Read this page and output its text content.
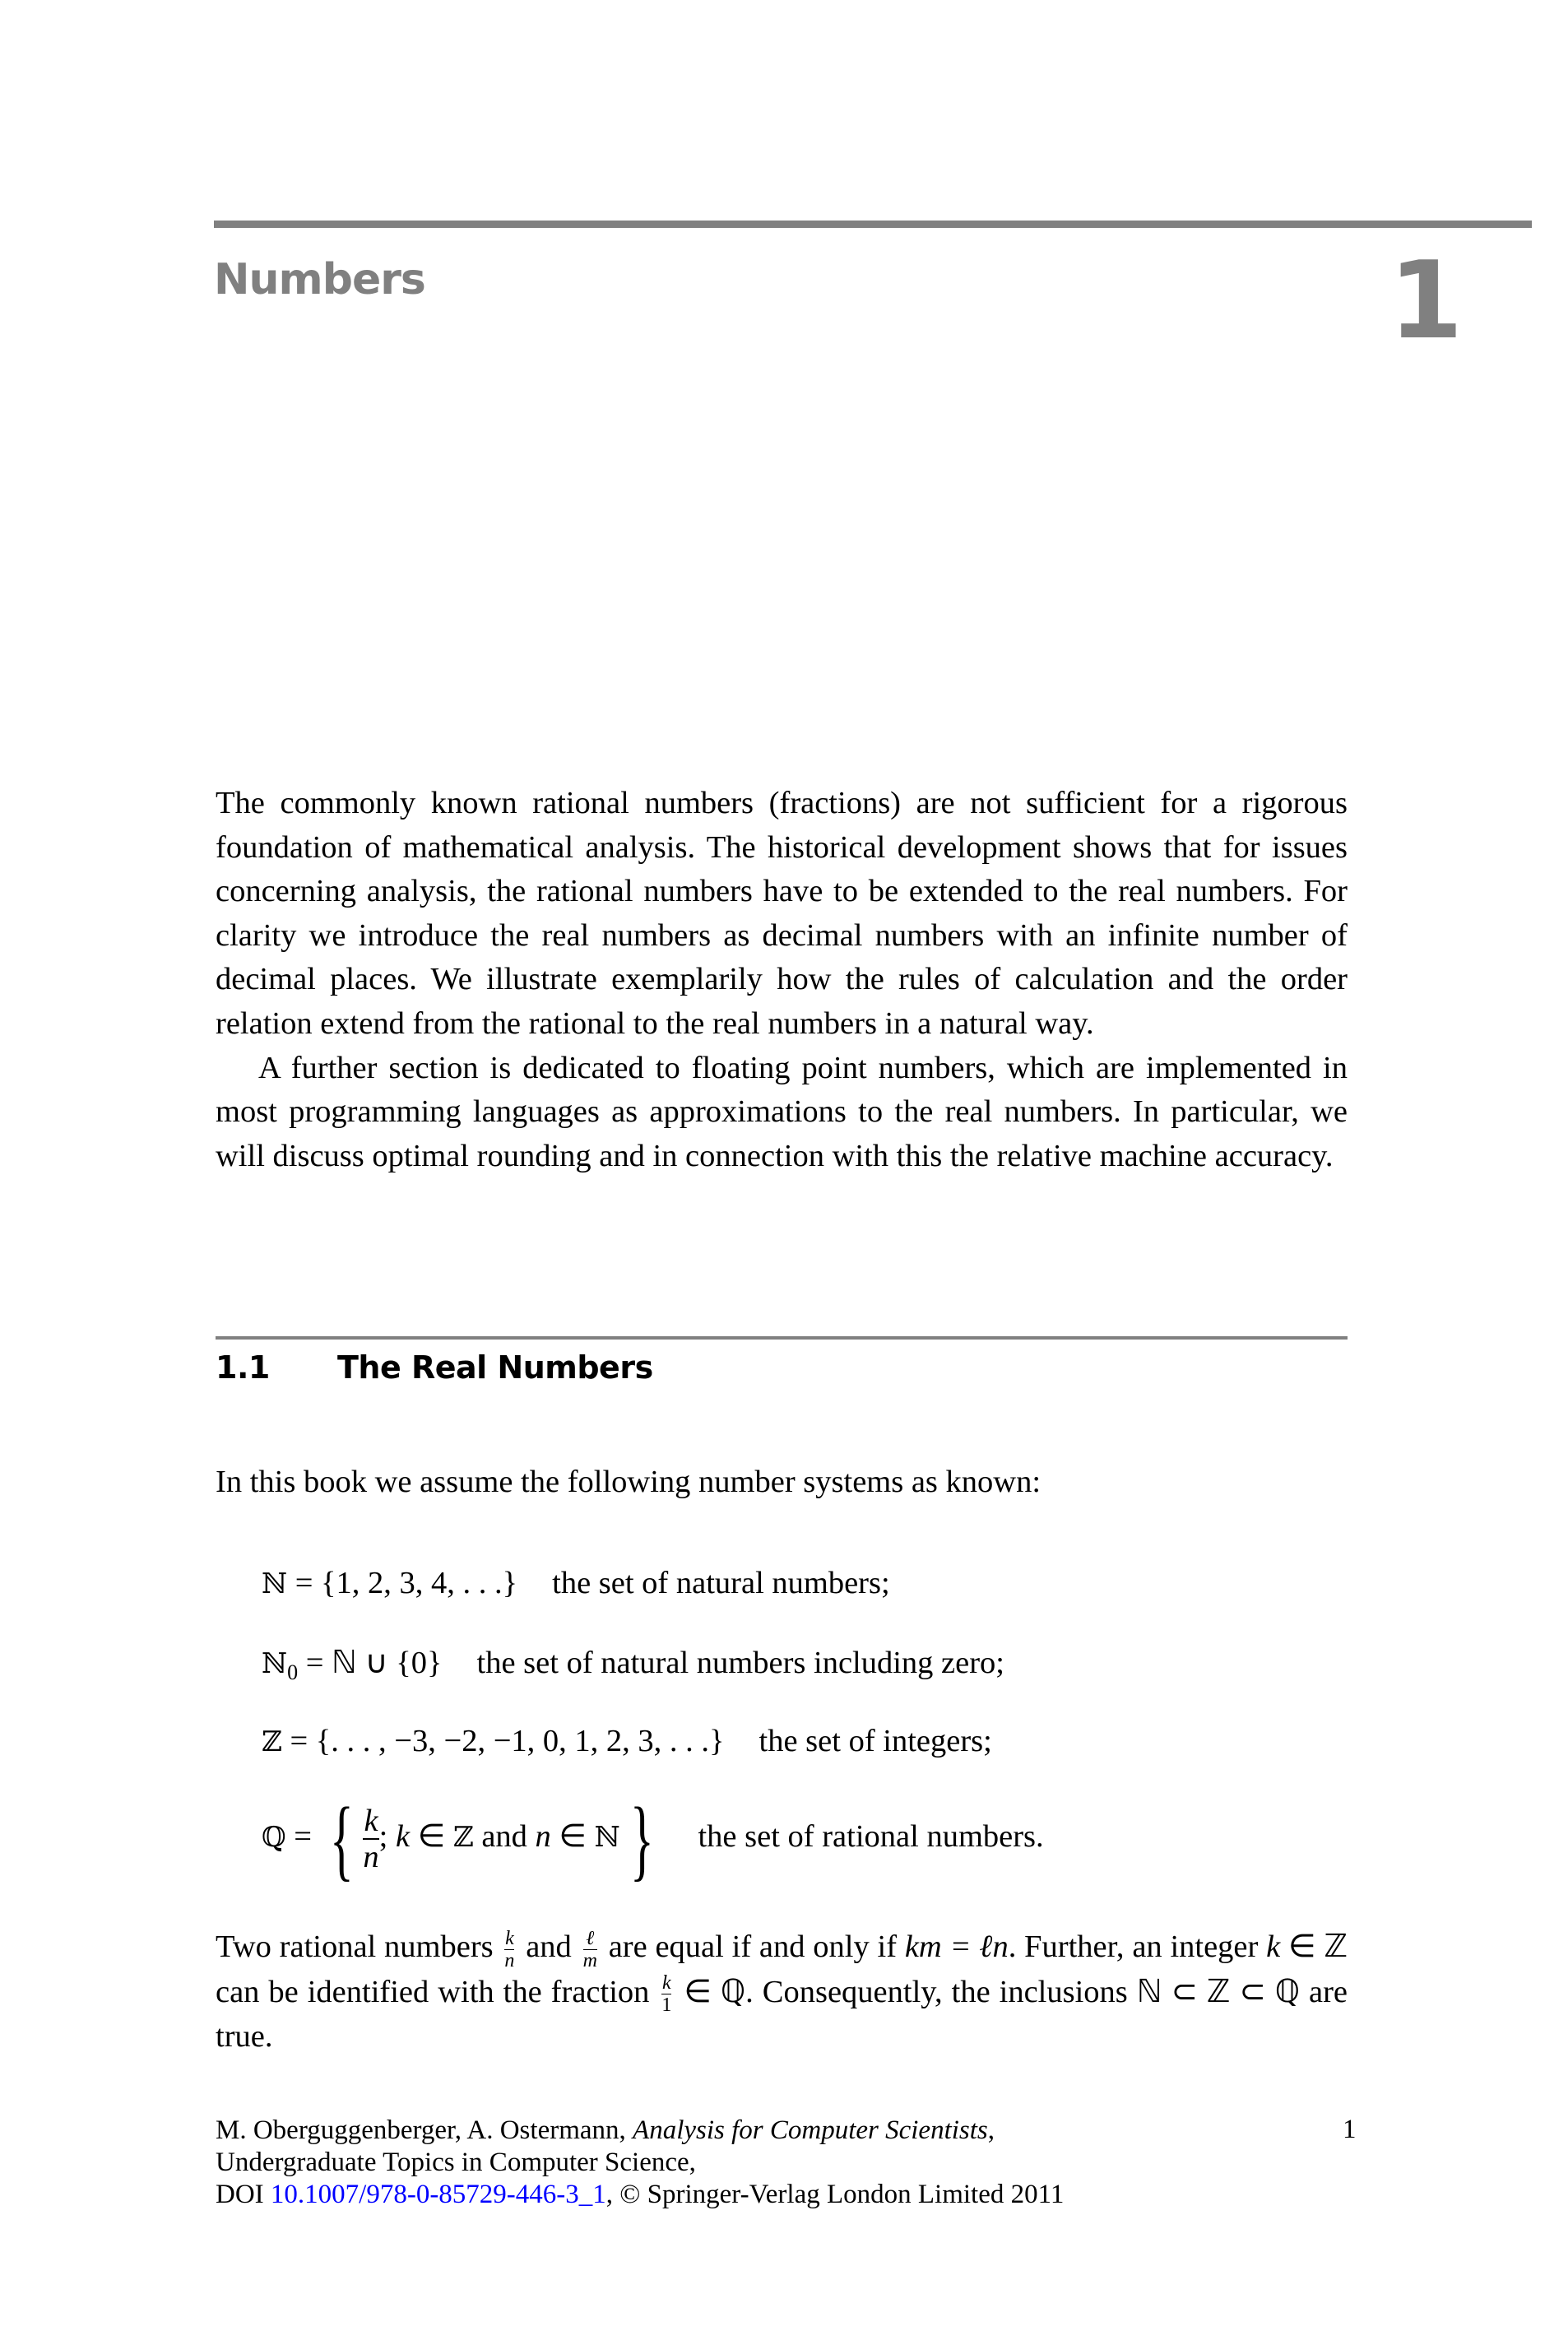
Numbers	1

The commonly known rational numbers (fractions) are not sufficient for a rigorous foundation of mathematical analysis. The historical development shows that for issues concerning analysis, the rational numbers have to be extended to the real numbers. For clarity we introduce the real numbers as decimal numbers with an infinite number of decimal places. We illustrate exemplarily how the rules of calculation and the order relation extend from the rational to the real numbers in a natural way.

A further section is dedicated to floating point numbers, which are implemented in most programming languages as approximations to the real numbers. In particular, we will discuss optimal rounding and in connection with this the relative machine accuracy.

1.1 The Real Numbers
In this book we assume the following number systems as known:
ℕ = {1, 2, 3, 4, . . .} the set of natural numbers;
ℕ$_0$ = ℕ ∪ {0} the set of natural numbers including zero;
ℤ = {. . . , −3, −2, −1, 0, 1, 2, 3, . . .} the set of integers;
ℚ = { $\frac{k}{n}$ ; k ∈ ℤ and n ∈ ℕ } the set of rational numbers.
Two rational numbers $\frac{k}{n}$ and ℓ
m are equal if and only if km = ℓn. Further, an integer k ∈ ℤ can be identified with the fraction $\frac{k}{1}$ ∈ ℚ. Consequently, the inclusions ℕ ⊂ ℤ ⊂ ℚ are true.
M. Oberguggenberger, A. Ostermann, Analysis for Computer Scientists,
Undergraduate Topics in Computer Science,
DOI 10.1007/978-0-85729-446-3_1, © Springer-Verlag London Limited 2011
1
